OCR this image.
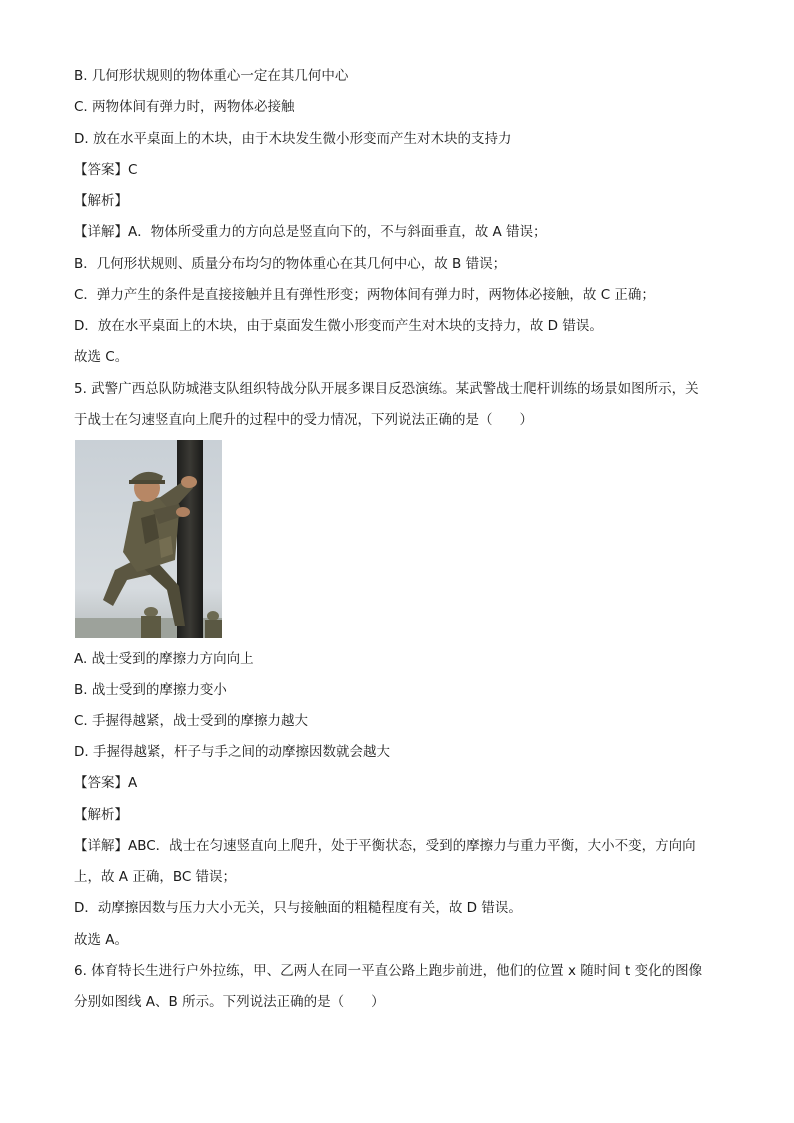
B. 几何形状规则的物体重心一定在其几何中心
C. 两物体间有弹力时，两物体必接触
D. 放在水平桌面上的木块，由于木块发生微小形变而产生对木块的支持力
【答案】C
【解析】
【详解】A．物体所受重力的方向总是竖直向下的，不与斜面垂直，故 A 错误；
B．几何形状规则、质量分布均匀的物体重心在其几何中心，故 B 错误；
C．弹力产生的条件是直接接触并且有弹性形变；两物体间有弹力时，两物体必接触，故 C 正确；
D．放在水平桌面上的木块，由于桌面发生微小形变而产生对木块的支持力，故 D 错误。
故选 C。
5. 武警广西总队防城港支队组织特战分队开展多课目反恐演练。某武警战士爬杆训练的场景如图所示，关
于战士在匀速竖直向上爬升的过程中的受力情况，下列说法正确的是（　　）
A. 战士受到的摩擦力方向向上
B. 战士受到的摩擦力变小
C. 手握得越紧，战士受到的摩擦力越大
D. 手握得越紧，杆子与手之间的动摩擦因数就会越大
【答案】A
【解析】
【详解】ABC．战士在匀速竖直向上爬升，处于平衡状态，受到的摩擦力与重力平衡，大小不变，方向向
上，故 A 正确，BC 错误；
D．动摩擦因数与压力大小无关，只与接触面的粗糙程度有关，故 D 错误。
故选 A。
6. 体育特长生进行户外拉练，甲、乙两人在同一平直公路上跑步前进，他们的位置 x 随时间 t 变化的图像
分别如图线 A、B 所示。下列说法正确的是（　　）
